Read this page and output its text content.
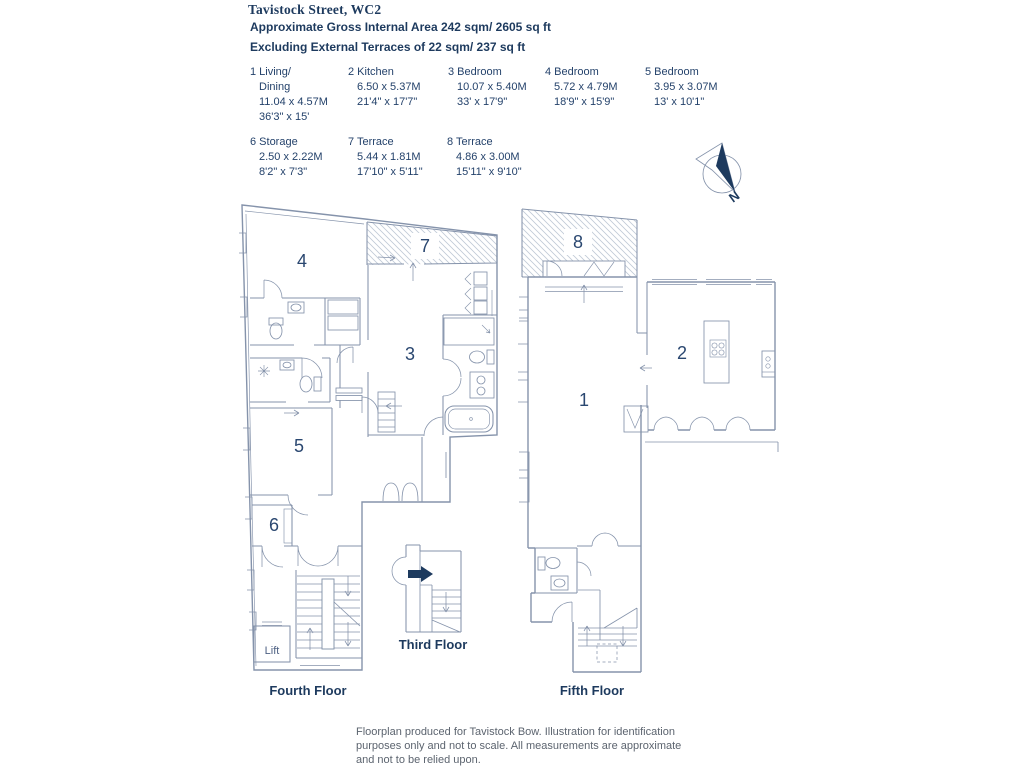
Tavistock Street, WC2
Approximate Gross Internal Area 242 sqm/ 2605 sq ft
Excluding External Terraces of 22 sqm/ 237 sq ft
1 Living/
Dining
11.04 x 4.57M
36'3" x 15'
2 Kitchen
6.50 x 5.37M
21'4" x 17'7"
3 Bedroom
10.07 x 5.40M
33' x 17'9"
4 Bedroom
5.72 x 4.79M
18'9" x 15'9"
5 Bedroom
3.95 x 3.07M
13' x 10'1"
6 Storage
2.50 x 2.22M
8'2" x 7'3"
7 Terrace
5.44 x 1.81M
17'10" x 5'11"
8 Terrace
4.86 x 3.00M
15'11" x 9'10"
4
7
3
5
6
Lift
Fourth Floor
Third Floor
8
2
1
Fifth Floor
N
Floorplan produced for Tavistock Bow. Illustration for identification
purposes only and not to scale. All measurements are approximate
and not to be relied upon.
